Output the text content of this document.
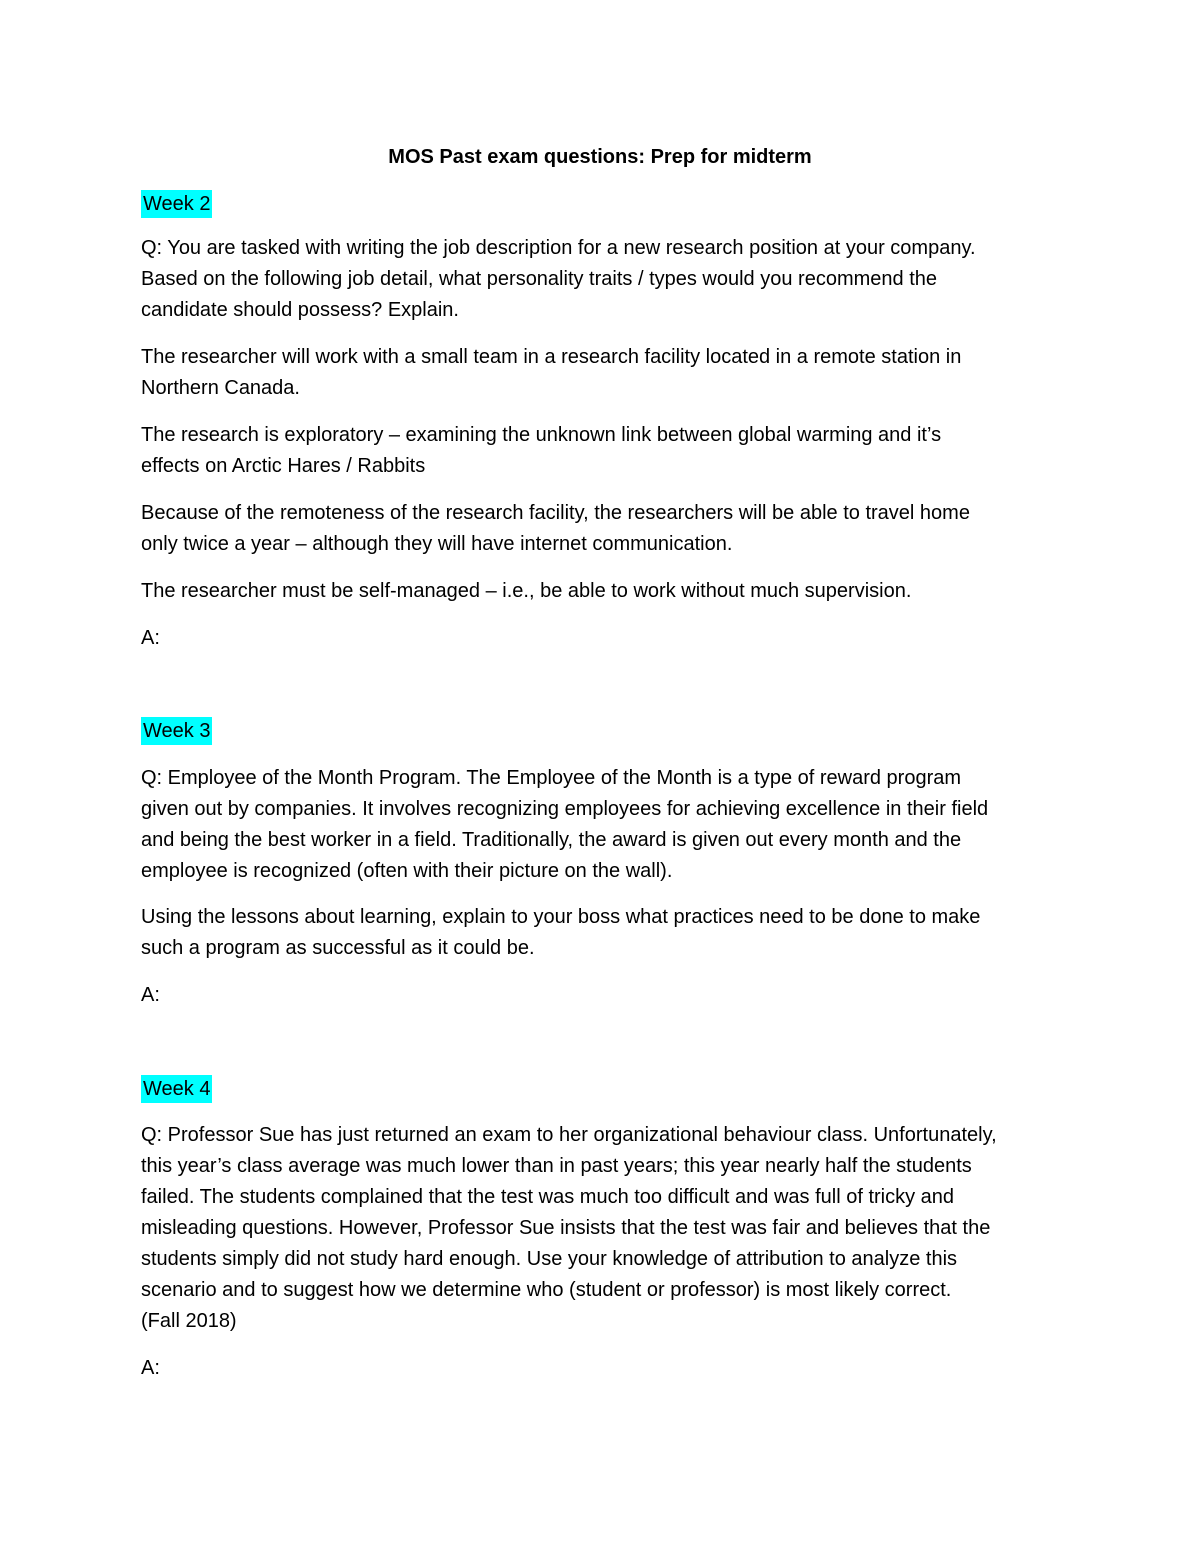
MOS Past exam questions: Prep for midterm
Week 2
Q: You are tasked with writing the job description for a new research position at your company.
Based on the following job detail, what personality traits / types would you recommend the
candidate should possess? Explain.
The researcher will work with a small team in a research facility located in a remote station in
Northern Canada.
The research is exploratory – examining the unknown link between global warming and it’s
effects on Arctic Hares / Rabbits
Because of the remoteness of the research facility, the researchers will be able to travel home
only twice a year – although they will have internet communication.
The researcher must be self-managed – i.e., be able to work without much supervision.
A:
Week 3
Q: Employee of the Month Program. The Employee of the Month is a type of reward program
given out by companies. It involves recognizing employees for achieving excellence in their field
and being the best worker in a field. Traditionally, the award is given out every month and the
employee is recognized (often with their picture on the wall).
Using the lessons about learning, explain to your boss what practices need to be done to make
such a program as successful as it could be.
A:
Week 4
Q: Professor Sue has just returned an exam to her organizational behaviour class. Unfortunately,
this year’s class average was much lower than in past years; this year nearly half the students
failed. The students complained that the test was much too difficult and was full of tricky and
misleading questions. However, Professor Sue insists that the test was fair and believes that the
students simply did not study hard enough. Use your knowledge of attribution to analyze this
scenario and to suggest how we determine who (student or professor) is most likely correct.
(Fall 2018)
A:
